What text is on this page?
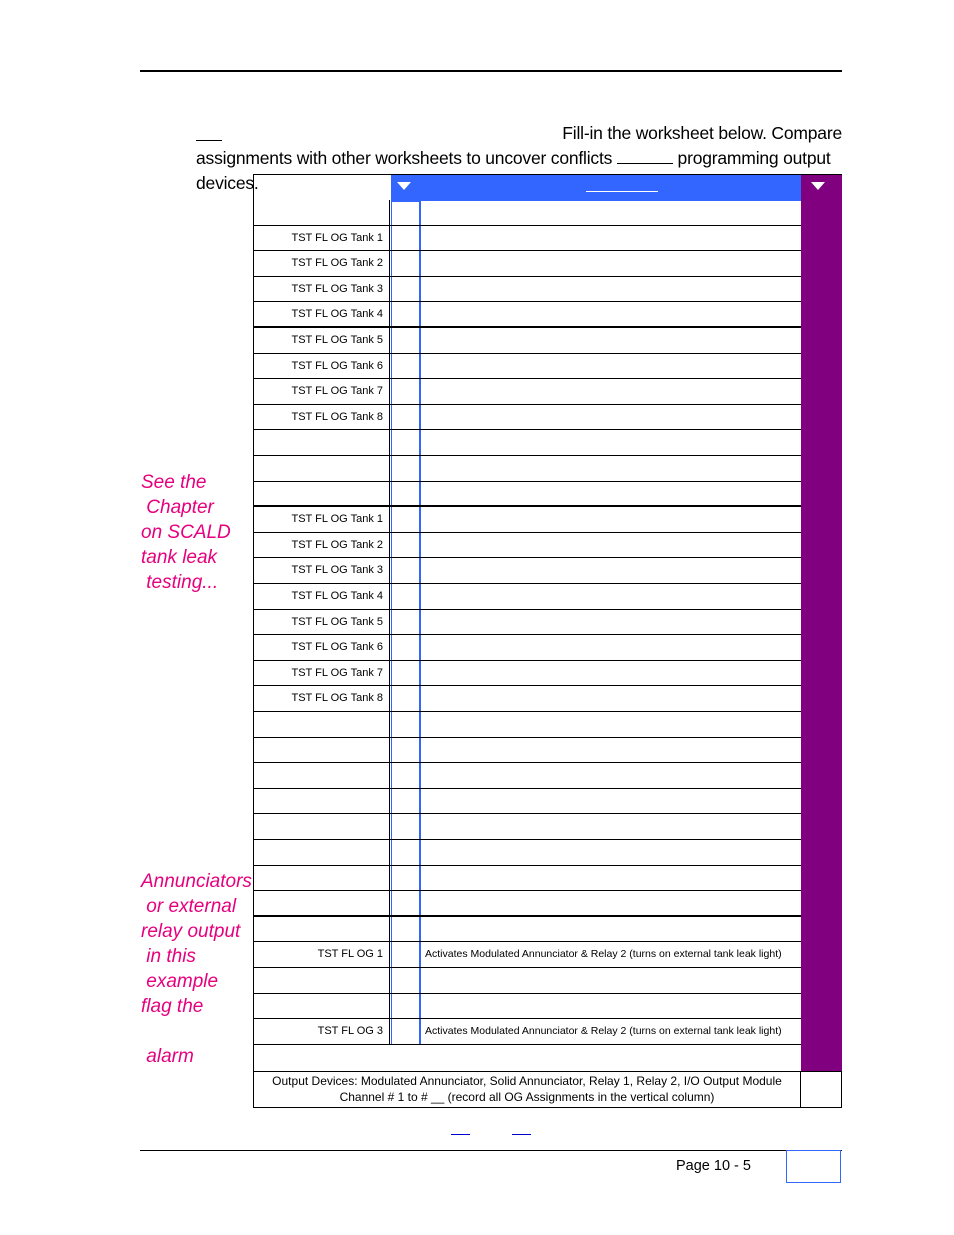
Fill-in the worksheet below. Compare
assignments with other worksheets to uncover conflicts	programming output
devices.
See the
Chapter
on SCALD
tank leak
testing...
Annunciators
or external
relay output
in this
example
flag the

alarm
TST FL OG Tank 1
TST FL OG Tank 2
TST FL OG Tank 3
TST FL OG Tank 4
TST FL OG Tank 5
TST FL OG Tank 6
TST FL OG Tank 7
TST FL OG Tank 8
TST FL OG Tank 1
TST FL OG Tank 2
TST FL OG Tank 3
TST FL OG Tank 4
TST FL OG Tank 5
TST FL OG Tank 6
TST FL OG Tank 7
TST FL OG Tank 8
TST FL OG 1	Activates Modulated Annunciator & Relay 2 (turns on external tank leak light)
TST FL OG 3	Activates Modulated Annunciator & Relay 2 (turns on external tank leak light)
Output Devices: Modulated Annunciator, Solid Annunciator, Relay 1, Relay 2, I/O Output Module
Channel # 1 to # __ (record all OG Assignments in the vertical column)
Page 10 - 5
